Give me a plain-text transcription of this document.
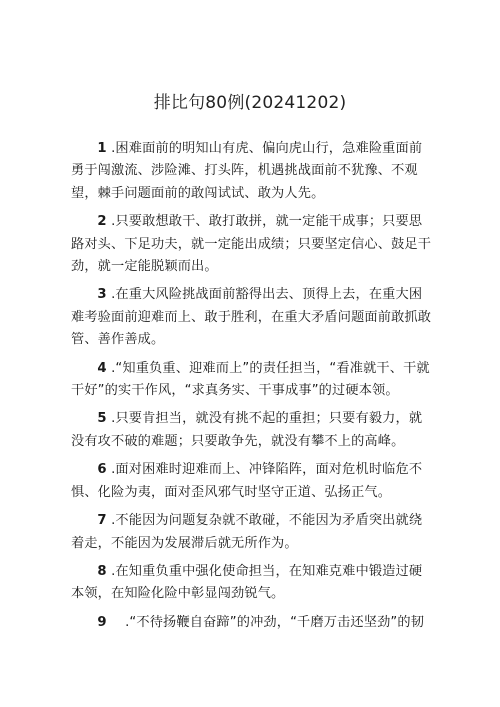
排比句80例(20241202)

1 .困难面前的明知山有虎、偏向虎山行，急难险重面前勇于闯激流、涉险滩、打头阵，机遇挑战面前不犹豫、不观望，棘手问题面前的敢闯试试、敢为人先。

2 .只要敢想敢干、敢打敢拼，就一定能干成事；只要思路对头、下足功夫，就一定能出成绩；只要坚定信心、鼓足干劲，就一定能脱颖而出。

3 .在重大风险挑战面前豁得出去、顶得上去，在重大困难考验面前迎难而上、敢于胜利，在重大矛盾问题面前敢抓敢管、善作善成。

4 .“知重负重、迎难而上”的责任担当，“看准就干、干就干好”的实干作风，“求真务实、干事成事”的过硬本领。

5 .只要肯担当，就没有挑不起的重担；只要有毅力，就没有攻不破的难题；只要敢争先，就没有攀不上的高峰。

6 .面对困难时迎难而上、冲锋陷阵，面对危机时临危不惧、化险为夷，面对歪风邪气时坚守正道、弘扬正气。

7 .不能因为问题复杂就不敢碰，不能因为矛盾突出就绕着走，不能因为发展滞后就无所作为。

8 .在知重负重中强化使命担当，在知难克难中锻造过硬本领，在知险化险中彰显闯劲锐气。

9 .“不待扬鞭自奋蹄”的冲劲，“千磨万击还坚劲”的韧
